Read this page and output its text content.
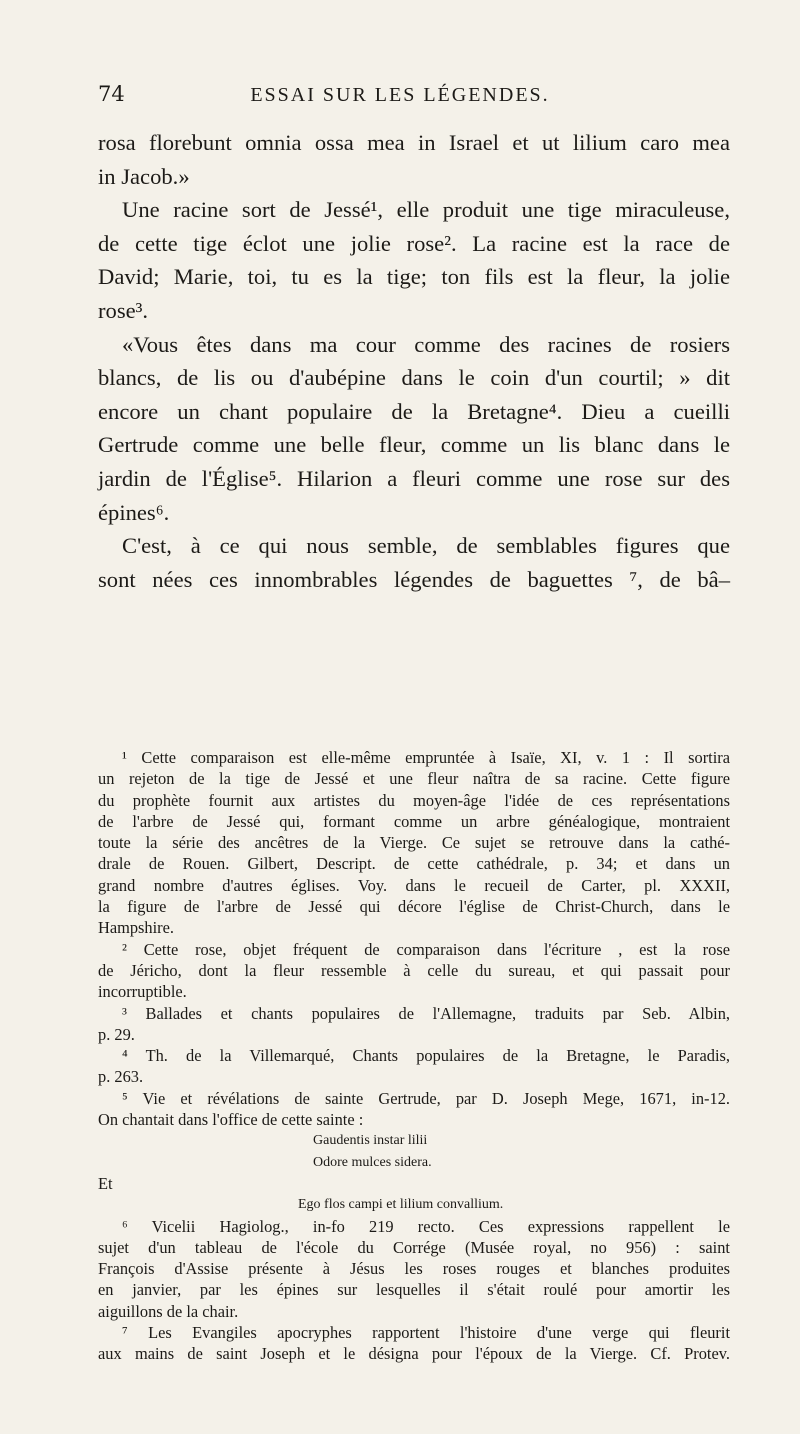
74	ESSAI SUR LES LÉGENDES.
rosa florebunt omnia ossa mea in Israel et ut lilium caro mea
in Jacob.»
Une racine sort de Jessé¹, elle produit une tige miraculeuse,
de cette tige éclot une jolie rose². La racine est la race de
David; Marie, toi, tu es la tige; ton fils est la fleur, la jolie
rose³.
«Vous êtes dans ma cour comme des racines de rosiers
blancs, de lis ou d'aubépine dans le coin d'un courtil; » dit
encore un chant populaire de la Bretagne⁴. Dieu a cueilli
Gertrude comme une belle fleur, comme un lis blanc dans le
jardin de l'Église⁵. Hilarion a fleuri comme une rose sur des
épines⁶.
C'est, à ce qui nous semble, de semblables figures que
sont nées ces innombrables légendes de baguettes ⁷, de bâ–
¹ Cette comparaison est elle-même empruntée à Isaïe, XI, v. 1 : Il sortira
un rejeton de la tige de Jessé et une fleur naîtra de sa racine. Cette figure
du prophète fournit aux artistes du moyen-âge l'idée de ces représentations
de l'arbre de Jessé qui, formant comme un arbre généalogique, montraient
toute la série des ancêtres de la Vierge. Ce sujet se retrouve dans la cathé-
drale de Rouen. Gilbert, Descript. de cette cathédrale, p. 34; et dans un
grand nombre d'autres églises. Voy. dans le recueil de Carter, pl. XXXII,
la figure de l'arbre de Jessé qui décore l'église de Christ-Church, dans le
Hampshire.
² Cette rose, objet fréquent de comparaison dans l'écriture , est la rose
de Jéricho, dont la fleur ressemble à celle du sureau, et qui passait pour
incorruptible.
³ Ballades et chants populaires de l'Allemagne, traduits par Seb. Albin,
p. 29.
⁴ Th. de la Villemarqué, Chants populaires de la Bretagne, le Paradis,
p. 263.
⁵ Vie et révélations de sainte Gertrude, par D. Joseph Mege, 1671, in-12.
On chantait dans l'office de cette sainte :
Gaudentis instar lilii
Odore mulces sidera.
Et
Ego flos campi et lilium convallium.
⁶ Vicelii Hagiolog., in-fo 219 recto. Ces expressions rappellent le
sujet d'un tableau de l'école du Corrége (Musée royal, no 956) : saint
François d'Assise présente à Jésus les roses rouges et blanches produites
en janvier, par les épines sur lesquelles il s'était roulé pour amortir les
aiguillons de la chair.
⁷ Les Evangiles apocryphes rapportent l'histoire d'une verge qui fleurit
aux mains de saint Joseph et le désigna pour l'époux de la Vierge. Cf. Protev.
